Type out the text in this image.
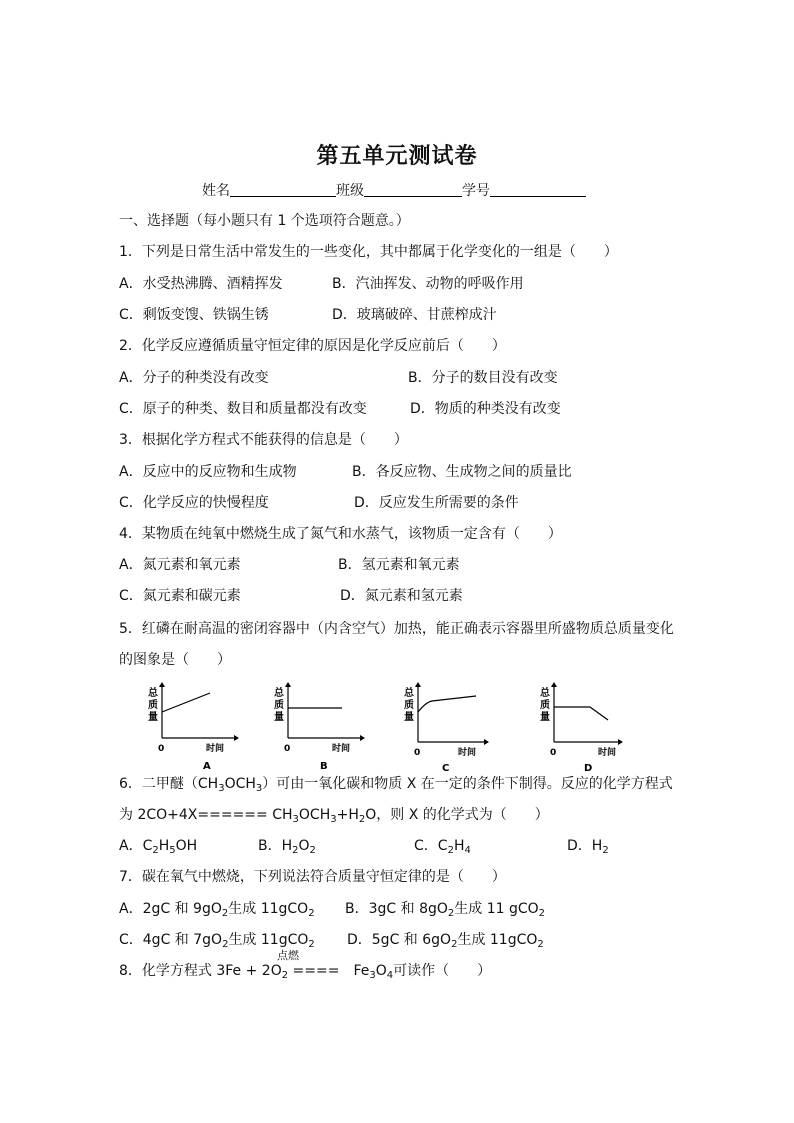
第五单元测试卷
姓名	班级	学号
一、选择题（每小题只有 1 个选项符合题意。）
1．下列是日常生活中常发生的一些变化，其中都属于化学变化的一组是（　　）
A．水受热沸腾、酒精挥发	B．汽油挥发、动物的呼吸作用
C．剩饭变馊、铁锅生锈	D．玻璃破碎、甘蔗榨成汁
2．化学反应遵循质量守恒定律的原因是化学反应前后（　　）
A．分子的种类没有改变	B．分子的数目没有改变
C．原子的种类、数目和质量都没有改变	D．物质的种类没有改变
3．根据化学方程式不能获得的信息是（　　）
A．反应中的反应物和生成物	B．各反应物、生成物之间的质量比
C．化学反应的快慢程度	D．反应发生所需要的条件
4．某物质在纯氧中燃烧生成了氮气和水蒸气，该物质一定含有（　　）
A．氮元素和氧元素	B．氢元素和氧元素
C．氮元素和碳元素	D．氮元素和氢元素
5．红磷在耐高温的密闭容器中（内含空气）加热，能正确表示容器里所盛物质总质量变化
的图象是（　　）
总
质
量
0	时间
A
总
质
量
0	时间
B
总
质
量
0	时间
C
总
质
量
0	时间
D
6．二甲醚$(CH_3OCH_3)$可由一氧化碳和物质 X 在一定的条件下制得。反应的化学方程式
为 $2CO+4X====== CH_3OCH_3+H_2O$，则 X 的化学式为（　　）
A．$C_2H_5OH$	B．$H_2O_2$	C．$C_2H_4$	D．$H_2$
7．碳在氧气中燃烧，下列说法符合质量守恒定律的是（　　）
A．2gC 和 $9gO_2$生成 11gCO$_2$ B．3gC 和 $8gO_2$生成 11 gCO$_2$
C．4gC 和 $7gO_2$生成 11gCO$_2$ D．5gC 和 $6gO_2$生成 11gCO$_2$
点燃
8．化学方程式 $3Fe + 2O_2$ ====　$Fe_3O_4$可读作（　　）
